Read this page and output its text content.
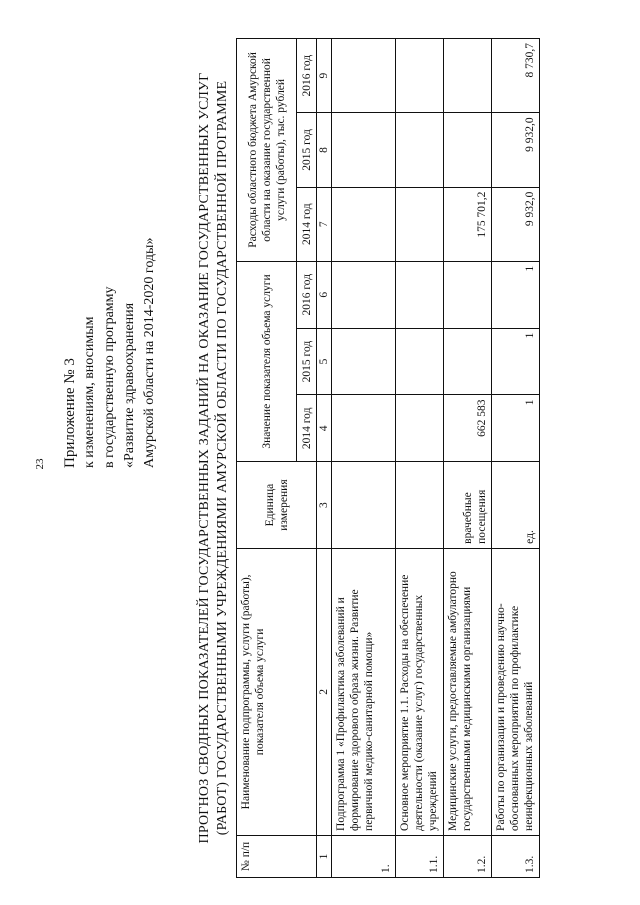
23 Приложение № 3 к изменениям, вносимым в государственную программу «Развитие здравоохранения Амурской области на 2014-2020 годы»	ПРОГНОЗ СВОДНЫХ ПОКАЗАТЕЛЕЙ ГОСУДАРСТВЕННЫХ ЗАДАНИЙ НА ОКАЗАНИЕ ГОСУДАРСТВЕННЫХ УСЛУГ (РАБОТ) ГОСУДАРСТВЕННЫМИ УЧРЕЖДЕНИЯМИ АМУРСКОЙ ОБЛАСТИ ПО ГОСУДАРСТВЕННОЙ ПРОГРАММЕ
№ п/п	Наименование подпрограммы, услуги (работы), показателя объема услуги	Единица измерения	Значение показателя объема услуги			Расходы областного бюджета Амурской области на оказание государственной услуги (работы), тыс. рублей		
			2014 год	2015 год	2016 год	2014 год	2015 год	2016 год
1	2	3	4	5	6	7	8	9
1.	Подпрограмма 1 «Профилактика заболеваний и формирование здорового образа жизни. Развитие первичной медико-санитарной помощи»							
1.1.	Основное мероприятие 1.1. Расходы на обеспечение деятельности (оказание услуг) государственных учреждений							
1.2.	Медицинские услуги, предоставляемые амбулаторно государственными медицинскими организациями	врачебные посещения	662 583			175 701,2		
1.3.	Работы по организации и проведению научно-обоснованных мероприятий по профилактике неинфекционных заболеваний	ед.	1	1	1	9 932,0	9 932,0	8 730,7
